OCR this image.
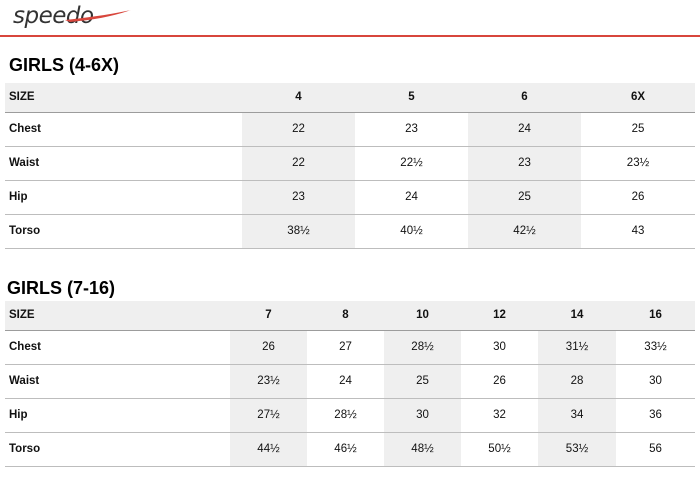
speedo
GIRLS (4-6X)
SIZE	4	5	6	6X
Chest	22	23	24	25
Waist	22	22½	23	23½
Hip	23	24	25	26
Torso	38½	40½	42½	43
GIRLS (7-16)
SIZE	7	8	10	12	14	16
Chest	26	27	28½	30	31½	33½
Waist	23½	24	25	26	28	30
Hip	27½	28½	30	32	34	36
Torso	44½	46½	48½	50½	53½	56
